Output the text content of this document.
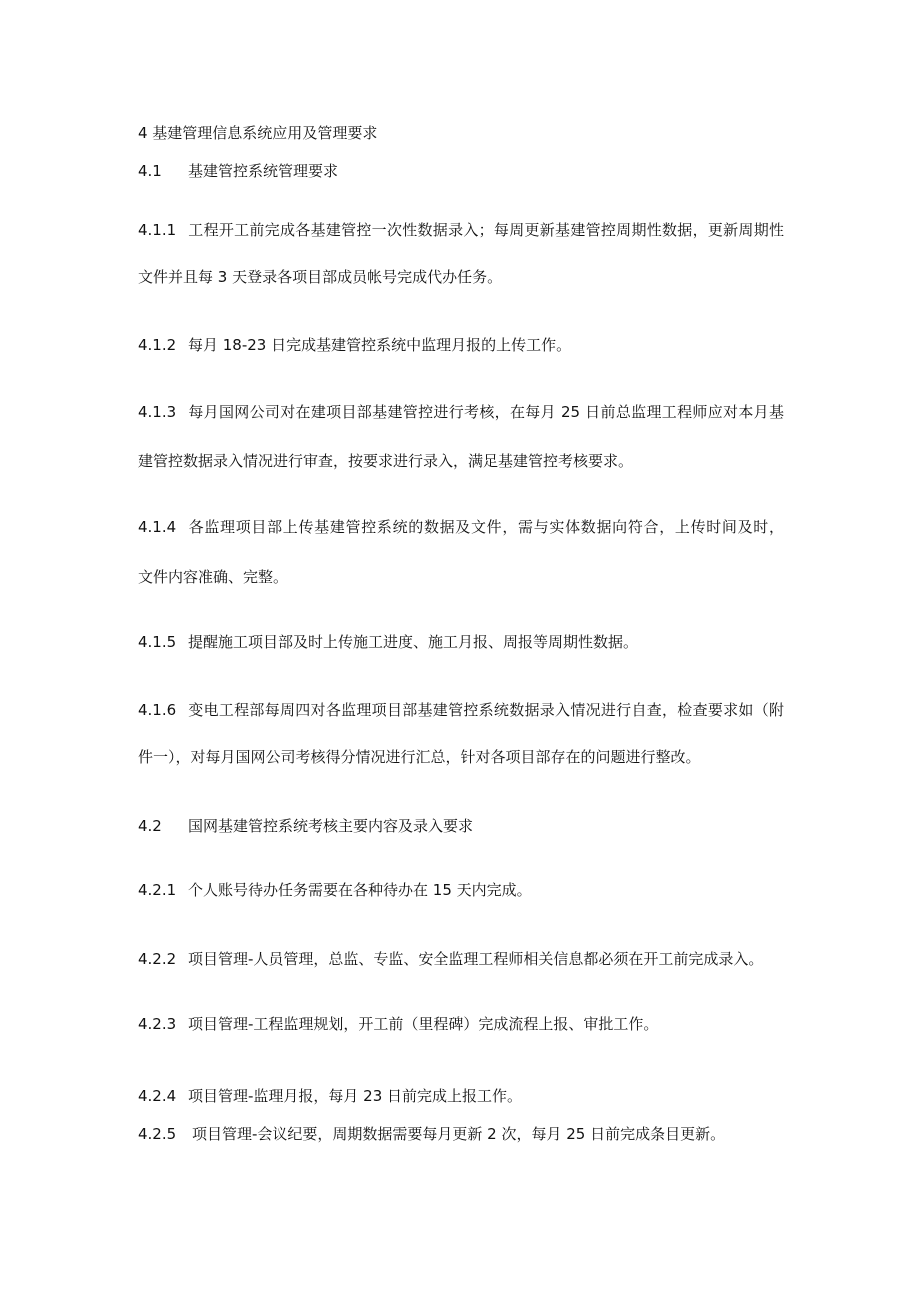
4 基建管理信息系统应用及管理要求
4.1 基建管控系统管理要求
4.1.1 工程开工前完成各基建管控一次性数据录入；每周更新基建管控周期性数据，更新周期性
文件并且每 3 天登录各项目部成员帐号完成代办任务。
4.1.2 每月 18-23 日完成基建管控系统中监理月报的上传工作。
4.1.3 每月国网公司对在建项目部基建管控进行考核，在每月 25 日前总监理工程师应对本月基
建管控数据录入情况进行审查，按要求进行录入，满足基建管控考核要求。
4.1.4 各监理项目部上传基建管控系统的数据及文件，需与实体数据向符合，上传时间及时，
文件内容准确、完整。
4.1.5 提醒施工项目部及时上传施工进度、施工月报、周报等周期性数据。
4.1.6 变电工程部每周四对各监理项目部基建管控系统数据录入情况进行自查，检查要求如（附
件一），对每月国网公司考核得分情况进行汇总，针对各项目部存在的问题进行整改。
4.2 国网基建管控系统考核主要内容及录入要求
4.2.1 个人账号待办任务需要在各种待办在 15 天内完成。
4.2.2 项目管理-人员管理，总监、专监、安全监理工程师相关信息都必须在开工前完成录入。
4.2.3 项目管理-工程监理规划，开工前（里程碑）完成流程上报、审批工作。
4.2.4 项目管理-监理月报，每月 23 日前完成上报工作。
4.2.5 项目管理-会议纪要，周期数据需要每月更新 2 次，每月 25 日前完成条目更新。
